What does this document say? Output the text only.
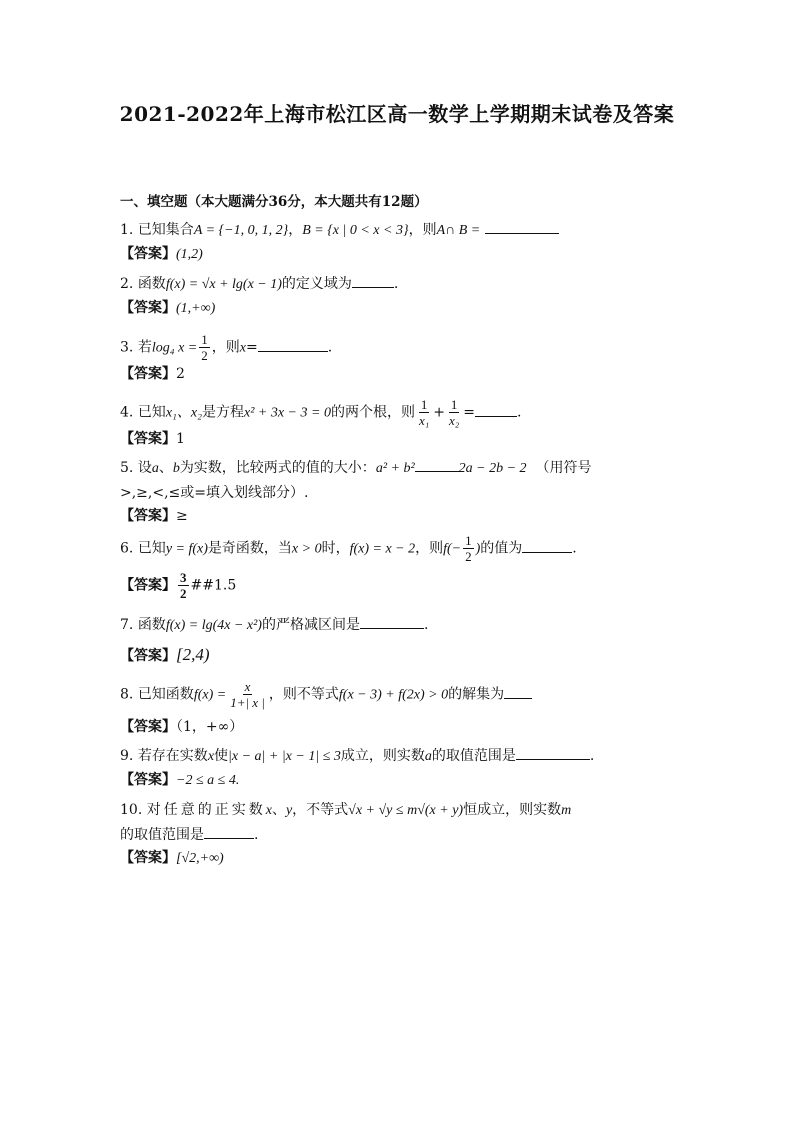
2021-2022年上海市松江区高一数学上学期期末试卷及答案
一、填空题（本大题满分36分，本大题共有12题）
1. 已知集合A = {−1, 0, 1, 2}，B = {x | 0 < x < 3}，则A∩ B =
【答案】(1,2)
2. 函数f(x) = √x + lg(x − 1)的定义域为	.
【答案】(1,+∞)
3. 若log₄ $x = \frac{1}{2}$ ，则x=	.
【答案】2
4. 已知x₁、x₂是方程x² + 3x − 3 = 0的两个根，则 $\frac{1}{\text{x₁}} + \frac{1}{\text{x₂}}$ =	.
【答案】1
5. 设a、b为实数，比较两式的值的大小：a² + b²	2a − 2b − 2 （用符号
>,≥,<,≤或=填入划线部分）.
【答案】≥
6. 已知y = f(x)是奇函数，当x > 0时，f(x) = x − 2，则$f(- \frac{1}{2}$ )的值为	.
【答案】 $\frac{3}{2}$ ##1.5
7. 函数f(x) = lg(4x − x²)的严格减区间是	.
【答案】[2,4)
8. 已知函数$f(x) = \frac{x}{1+| x |}$ ，则不等式f(x − 3) + f(2x) > 0的解集为
【答案】（1，+∞）
9. 若存在实数x使|x − a| + |x − 1| ≤ 3成立，则实数a的取值范围是	.
【答案】−2 ≤ a ≤ 4.
10. 对任意的正实数x、y，不等式√x + √y ≤ m√(x + y)恒成立，则实数m
的取值范围是	.
【答案】[√2,+∞)
